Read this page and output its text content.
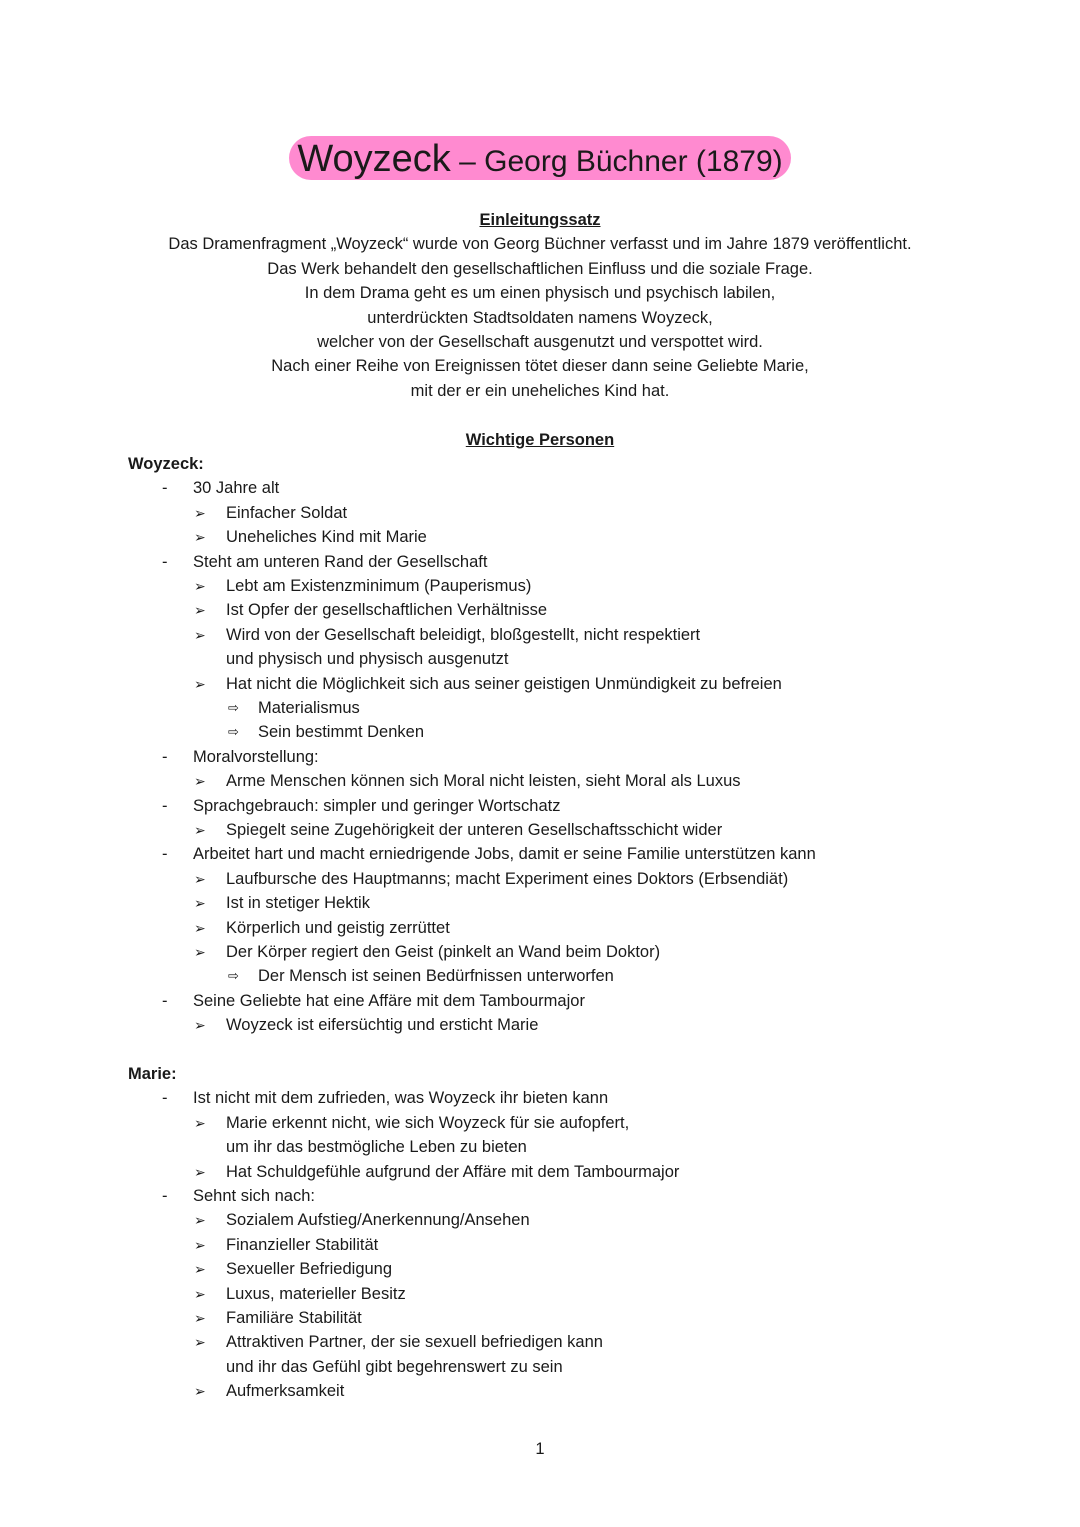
Woyzeck – Georg Büchner (1879)
Einleitungssatz
Das Dramenfragment „Woyzeck“ wurde von Georg Büchner verfasst und im Jahre 1879 veröffentlicht.
Das Werk behandelt den gesellschaftlichen Einfluss und die soziale Frage.
In dem Drama geht es um einen physisch und psychisch labilen,
unterdrückten Stadtsoldaten namens Woyzeck,
welcher von der Gesellschaft ausgenutzt und verspottet wird.
Nach einer Reihe von Ereignissen tötet dieser dann seine Geliebte Marie,
mit der er ein uneheliches Kind hat.
Wichtige Personen
Woyzeck:
- 30 Jahre alt
➢ Einfacher Soldat
➢ Uneheliches Kind mit Marie
- Steht am unteren Rand der Gesellschaft
➢ Lebt am Existenzminimum (Pauperismus)
➢ Ist Opfer der gesellschaftlichen Verhältnisse
➢ Wird von der Gesellschaft beleidigt, bloßgestellt, nicht respektiert
und physisch und physisch ausgenutzt
➢ Hat nicht die Möglichkeit sich aus seiner geistigen Unmündigkeit zu befreien
⇨ Materialismus
⇨ Sein bestimmt Denken
- Moralvorstellung:
➢ Arme Menschen können sich Moral nicht leisten, sieht Moral als Luxus
- Sprachgebrauch: simpler und geringer Wortschatz
➢ Spiegelt seine Zugehörigkeit der unteren Gesellschaftsschicht wider
- Arbeitet hart und macht erniedrigende Jobs, damit er seine Familie unterstützen kann
➢ Laufbursche des Hauptmanns; macht Experiment eines Doktors (Erbsendiät)
➢ Ist in stetiger Hektik
➢ Körperlich und geistig zerrüttet
➢ Der Körper regiert den Geist (pinkelt an Wand beim Doktor)
⇨ Der Mensch ist seinen Bedürfnissen unterworfen
- Seine Geliebte hat eine Affäre mit dem Tambourmajor
➢ Woyzeck ist eifersüchtig und ersticht Marie
Marie:
- Ist nicht mit dem zufrieden, was Woyzeck ihr bieten kann
➢ Marie erkennt nicht, wie sich Woyzeck für sie aufopfert,
um ihr das bestmögliche Leben zu bieten
➢ Hat Schuldgefühle aufgrund der Affäre mit dem Tambourmajor
- Sehnt sich nach:
➢ Sozialem Aufstieg/Anerkennung/Ansehen
➢ Finanzieller Stabilität
➢ Sexueller Befriedigung
➢ Luxus, materieller Besitz
➢ Familiäre Stabilität
➢ Attraktiven Partner, der sie sexuell befriedigen kann
und ihr das Gefühl gibt begehrenswert zu sein
➢ Aufmerksamkeit
1
